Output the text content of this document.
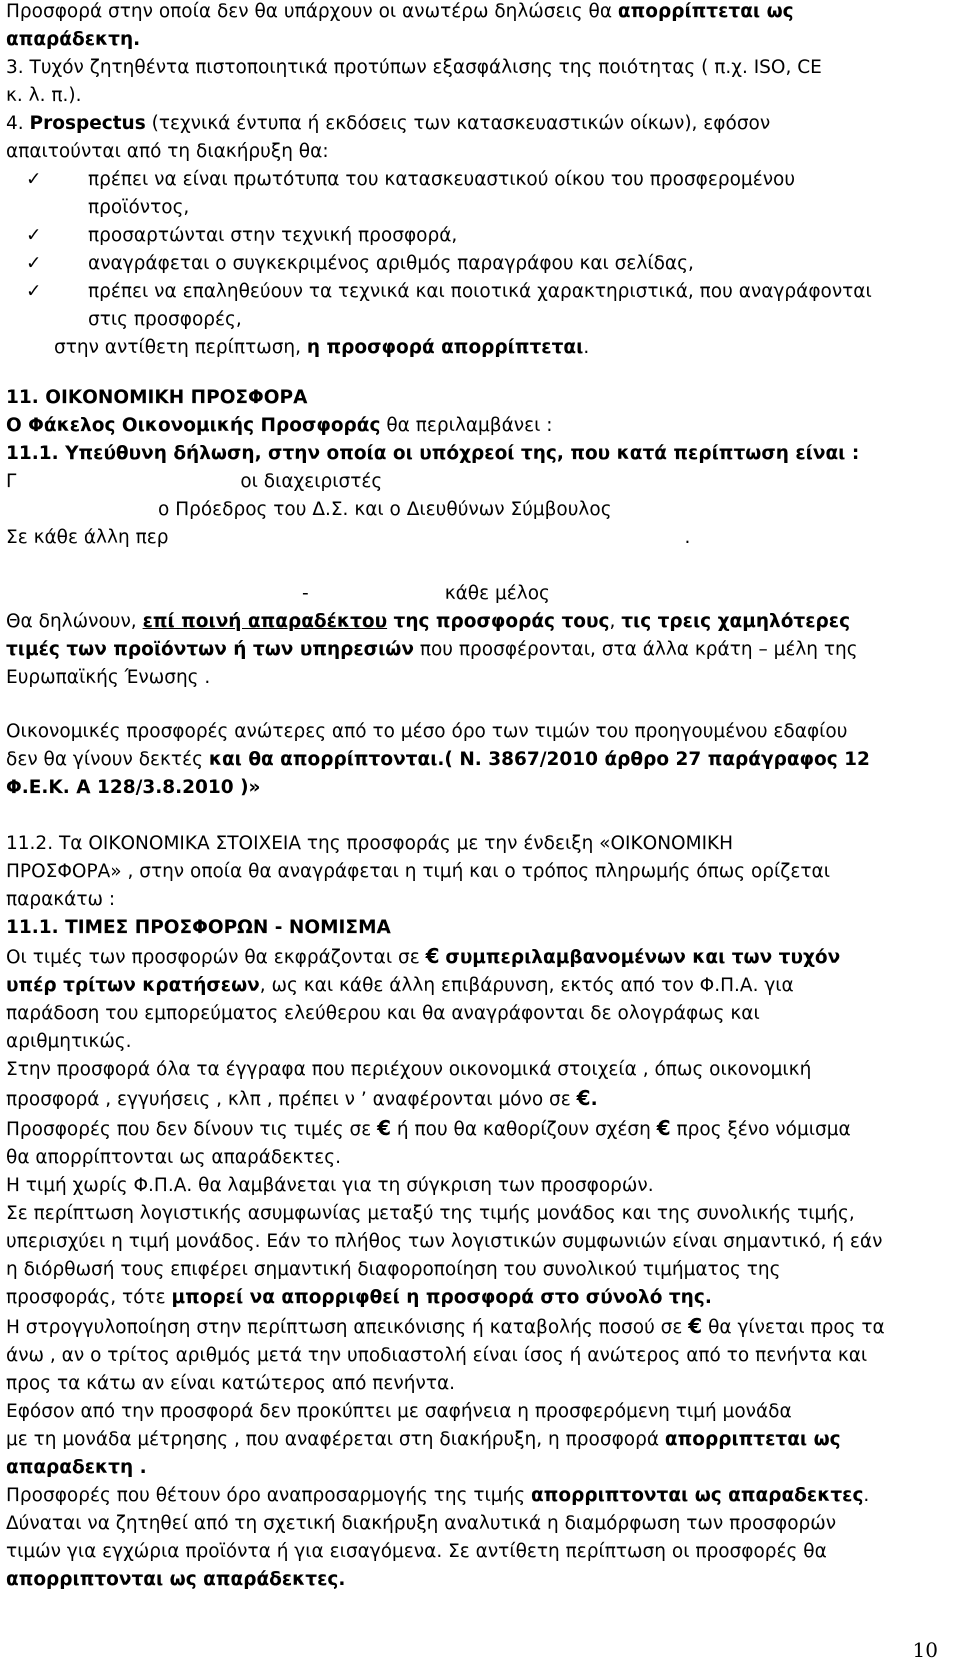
Προσφορά στην οποία δεν θα υπάρχουν οι ανωτέρω δηλώσεις θα απορρίπτεται ως
απαράδεκτη.
3. Τυχόν ζητηθέντα πιστοποιητικά προτύπων εξασφάλισης της ποιότητας ( π.χ. ISO, CE
κ. λ. π.).
4. Prospectus (τεχνικά έντυπα ή εκδόσεις των κατασκευαστικών οίκων), εφόσον
απαιτούνται από τη διακήρυξη θα:
✓	πρέπει να είναι πρωτότυπα του κατασκευαστικού οίκου του προσφερομένου
προϊόντος,
✓	προσαρτώνται στην τεχνική προσφορά,
✓	αναγράφεται ο συγκεκριμένος αριθμός παραγράφου και σελίδας,
✓	πρέπει να επαληθεύουν τα τεχνικά και ποιοτικά χαρακτηριστικά, που αναγράφονται
στις προσφορές,
στην αντίθετη περίπτωση, η προσφορά απορρίπτεται.
11. ΟΙΚΟΝΟΜΙΚΗ ΠΡΟΣΦΟΡΑ
Ο Φάκελος Οικονομικής Προσφοράς θα περιλαμβάνει :
11.1. Υπεύθυνη δήλωση, στην οποία οι υπόχρεοί της, που κατά περίπτωση είναι :
Γ	οι διαχειριστές
ο Πρόεδρος του Δ.Σ. και ο Διευθύνων Σύμβουλος
Σε κάθε άλλη περ	.
-	κάθε μέλος
Θα δηλώνουν, επί ποινή απαραδέκτου της προσφοράς τους, τις τρεις χαμηλότερες
τιμές των προϊόντων ή των υπηρεσιών που προσφέρονται, στα άλλα κράτη – μέλη της
Ευρωπαϊκής Ένωσης .
Οικονομικές προσφορές ανώτερες από το μέσο όρο των τιμών του προηγουμένου εδαφίου
δεν θα γίνουν δεκτές και θα απορρίπτονται.( Ν. 3867/2010 άρθρο 27 παράγραφος 12
Φ.Ε.Κ. Α 128/3.8.2010 )»
11.2. Τα ΟΙΚΟΝΟΜΙΚΑ ΣΤΟΙΧΕΙΑ της προσφοράς με την ένδειξη «ΟΙΚΟΝΟΜΙΚΗ
ΠΡΟΣΦΟΡΑ» , στην οποία θα αναγράφεται η τιμή και ο τρόπος πληρωμής όπως ορίζεται
παρακάτω :
11.1. ΤΙΜΕΣ ΠΡΟΣΦΟΡΩΝ - ΝΟΜΙΣΜΑ
Οι τιμές των προσφορών θα εκφράζονται σε € συμπεριλαμβανομένων και των τυχόν
υπέρ τρίτων κρατήσεων, ως και κάθε άλλη επιβάρυνση, εκτός από τον Φ.Π.Α. για
παράδοση του εμπορεύματος ελεύθερου και θα αναγράφονται δε ολογράφως και
αριθμητικώς.
Στην προσφορά όλα τα έγγραφα που περιέχουν οικονομικά στοιχεία , όπως οικονομική
προσφορά , εγγυήσεις , κλπ , πρέπει ν ’ αναφέρονται μόνο σε €.
Προσφορές που δεν δίνουν τις τιμές σε € ή που θα καθορίζουν σχέση € προς ξένο νόμισμα
θα απορρίπτονται ως απαράδεκτες.
Η τιμή χωρίς Φ.Π.Α. θα λαμβάνεται για τη σύγκριση των προσφορών.
Σε περίπτωση λογιστικής ασυμφωνίας μεταξύ της τιμής μονάδος και της συνολικής τιμής,
υπερισχύει η τιμή μονάδος. Εάν το πλήθος των λογιστικών συμφωνιών είναι σημαντικό, ή εάν
η διόρθωσή τους επιφέρει σημαντική διαφοροποίηση του συνολικού τιμήματος της
προσφοράς, τότε μπορεί να απορριφθεί η προσφορά στο σύνολό της.
Η στρογγυλοποίηση στην περίπτωση απεικόνισης ή καταβολής ποσού σε € θα γίνεται προς τα
άνω , αν ο τρίτος αριθμός μετά την υποδιαστολή είναι ίσος ή ανώτερος από το πενήντα και
προς τα κάτω αν είναι κατώτερος από πενήντα.
Εφόσον από την προσφορά δεν προκύπτει με σαφήνεια η προσφερόμενη τιμή μονάδα
με τη μονάδα μέτρησης , που αναφέρεται στη διακήρυξη, η προσφορά απορριπτεται ως
απαραδεκτη .
Προσφορές που θέτουν όρο αναπροσαρμογής της τιμής απορριπτονται ως απαραδεκτες.
Δύναται να ζητηθεί από τη σχετική διακήρυξη αναλυτικά η διαμόρφωση των προσφορών
τιμών για εγχώρια προϊόντα ή για εισαγόμενα. Σε αντίθετη περίπτωση οι προσφορές θα
απορριπτονται ως απαράδεκτες.
10
